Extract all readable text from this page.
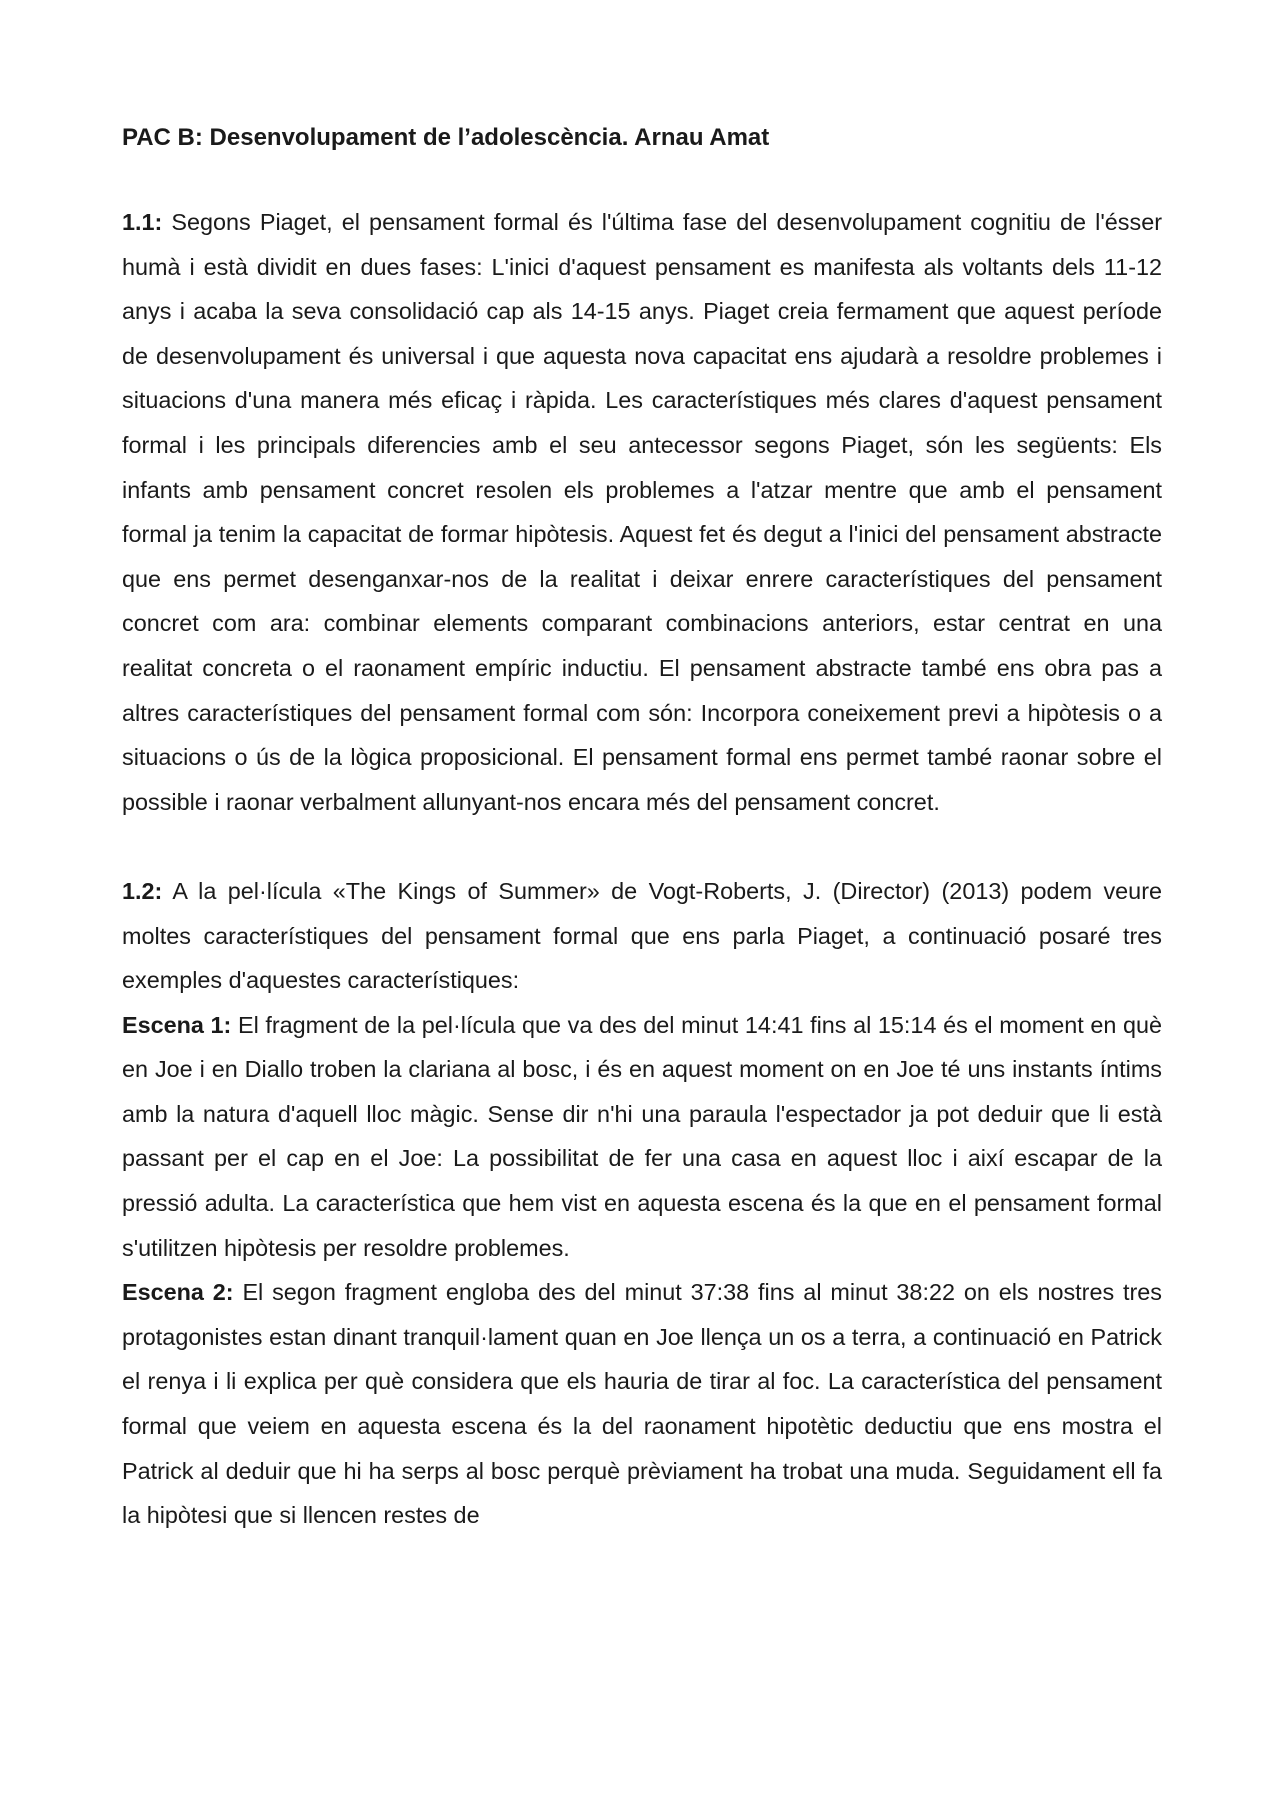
PAC B: Desenvolupament de l’adolescència. Arnau Amat

1.1: Segons Piaget, el pensament formal és l'última fase del desenvolupament cognitiu de l'ésser humà i està dividit en dues fases: L'inici d'aquest pensament es manifesta als voltants dels 11-12 anys i acaba la seva consolidació cap als 14-15 anys. Piaget creia fermament que aquest període de desenvolupament és universal i que aquesta nova capacitat ens ajudarà a resoldre problemes i situacions d'una manera més eficaç i ràpida. Les característiques més clares d'aquest pensament formal i les principals diferencies amb el seu antecessor segons Piaget, són les següents: Els infants amb pensament concret resolen els problemes a l'atzar mentre que amb el pensament formal ja tenim la capacitat de formar hipòtesis. Aquest fet és degut a l'inici del pensament abstracte que ens permet desenganxar-nos de la realitat i deixar enrere característiques del pensament concret com ara: combinar elements comparant combinacions anteriors, estar centrat en una realitat concreta o el raonament empíric inductiu. El pensament abstracte també ens obra pas a altres característiques del pensament formal com són: Incorpora coneixement previ a hipòtesis o a situacions o ús de la lògica proposicional. El pensament formal ens permet també raonar sobre el possible i raonar verbalment allunyant-nos encara més del pensament concret.

1.2: A la pel·lícula «The Kings of Summer» de Vogt-Roberts, J. (Director) (2013) podem veure moltes característiques del pensament formal que ens parla Piaget, a continuació posaré tres exemples d'aquestes característiques:

Escena 1: El fragment de la pel·lícula que va des del minut 14:41 fins al 15:14 és el moment en què en Joe i en Diallo troben la clariana al bosc, i és en aquest moment on en Joe té uns instants íntims amb la natura d'aquell lloc màgic. Sense dir n'hi una paraula l'espectador ja pot deduir que li està passant per el cap en el Joe: La possibilitat de fer una casa en aquest lloc i així escapar de la pressió adulta. La característica que hem vist en aquesta escena és la que en el pensament formal s'utilitzen hipòtesis per resoldre problemes.

Escena 2: El segon fragment engloba des del minut 37:38 fins al minut 38:22 on els nostres tres protagonistes estan dinant tranquil·lament quan en Joe llença un os a terra, a continuació en Patrick el renya i li explica per què considera que els hauria de tirar al foc. La característica del pensament formal que veiem en aquesta escena és la del raonament hipotètic deductiu que ens mostra el Patrick al deduir que hi ha serps al bosc perquè prèviament ha trobat una muda. Seguidament ell fa la hipòtesi que si llencen restes de
